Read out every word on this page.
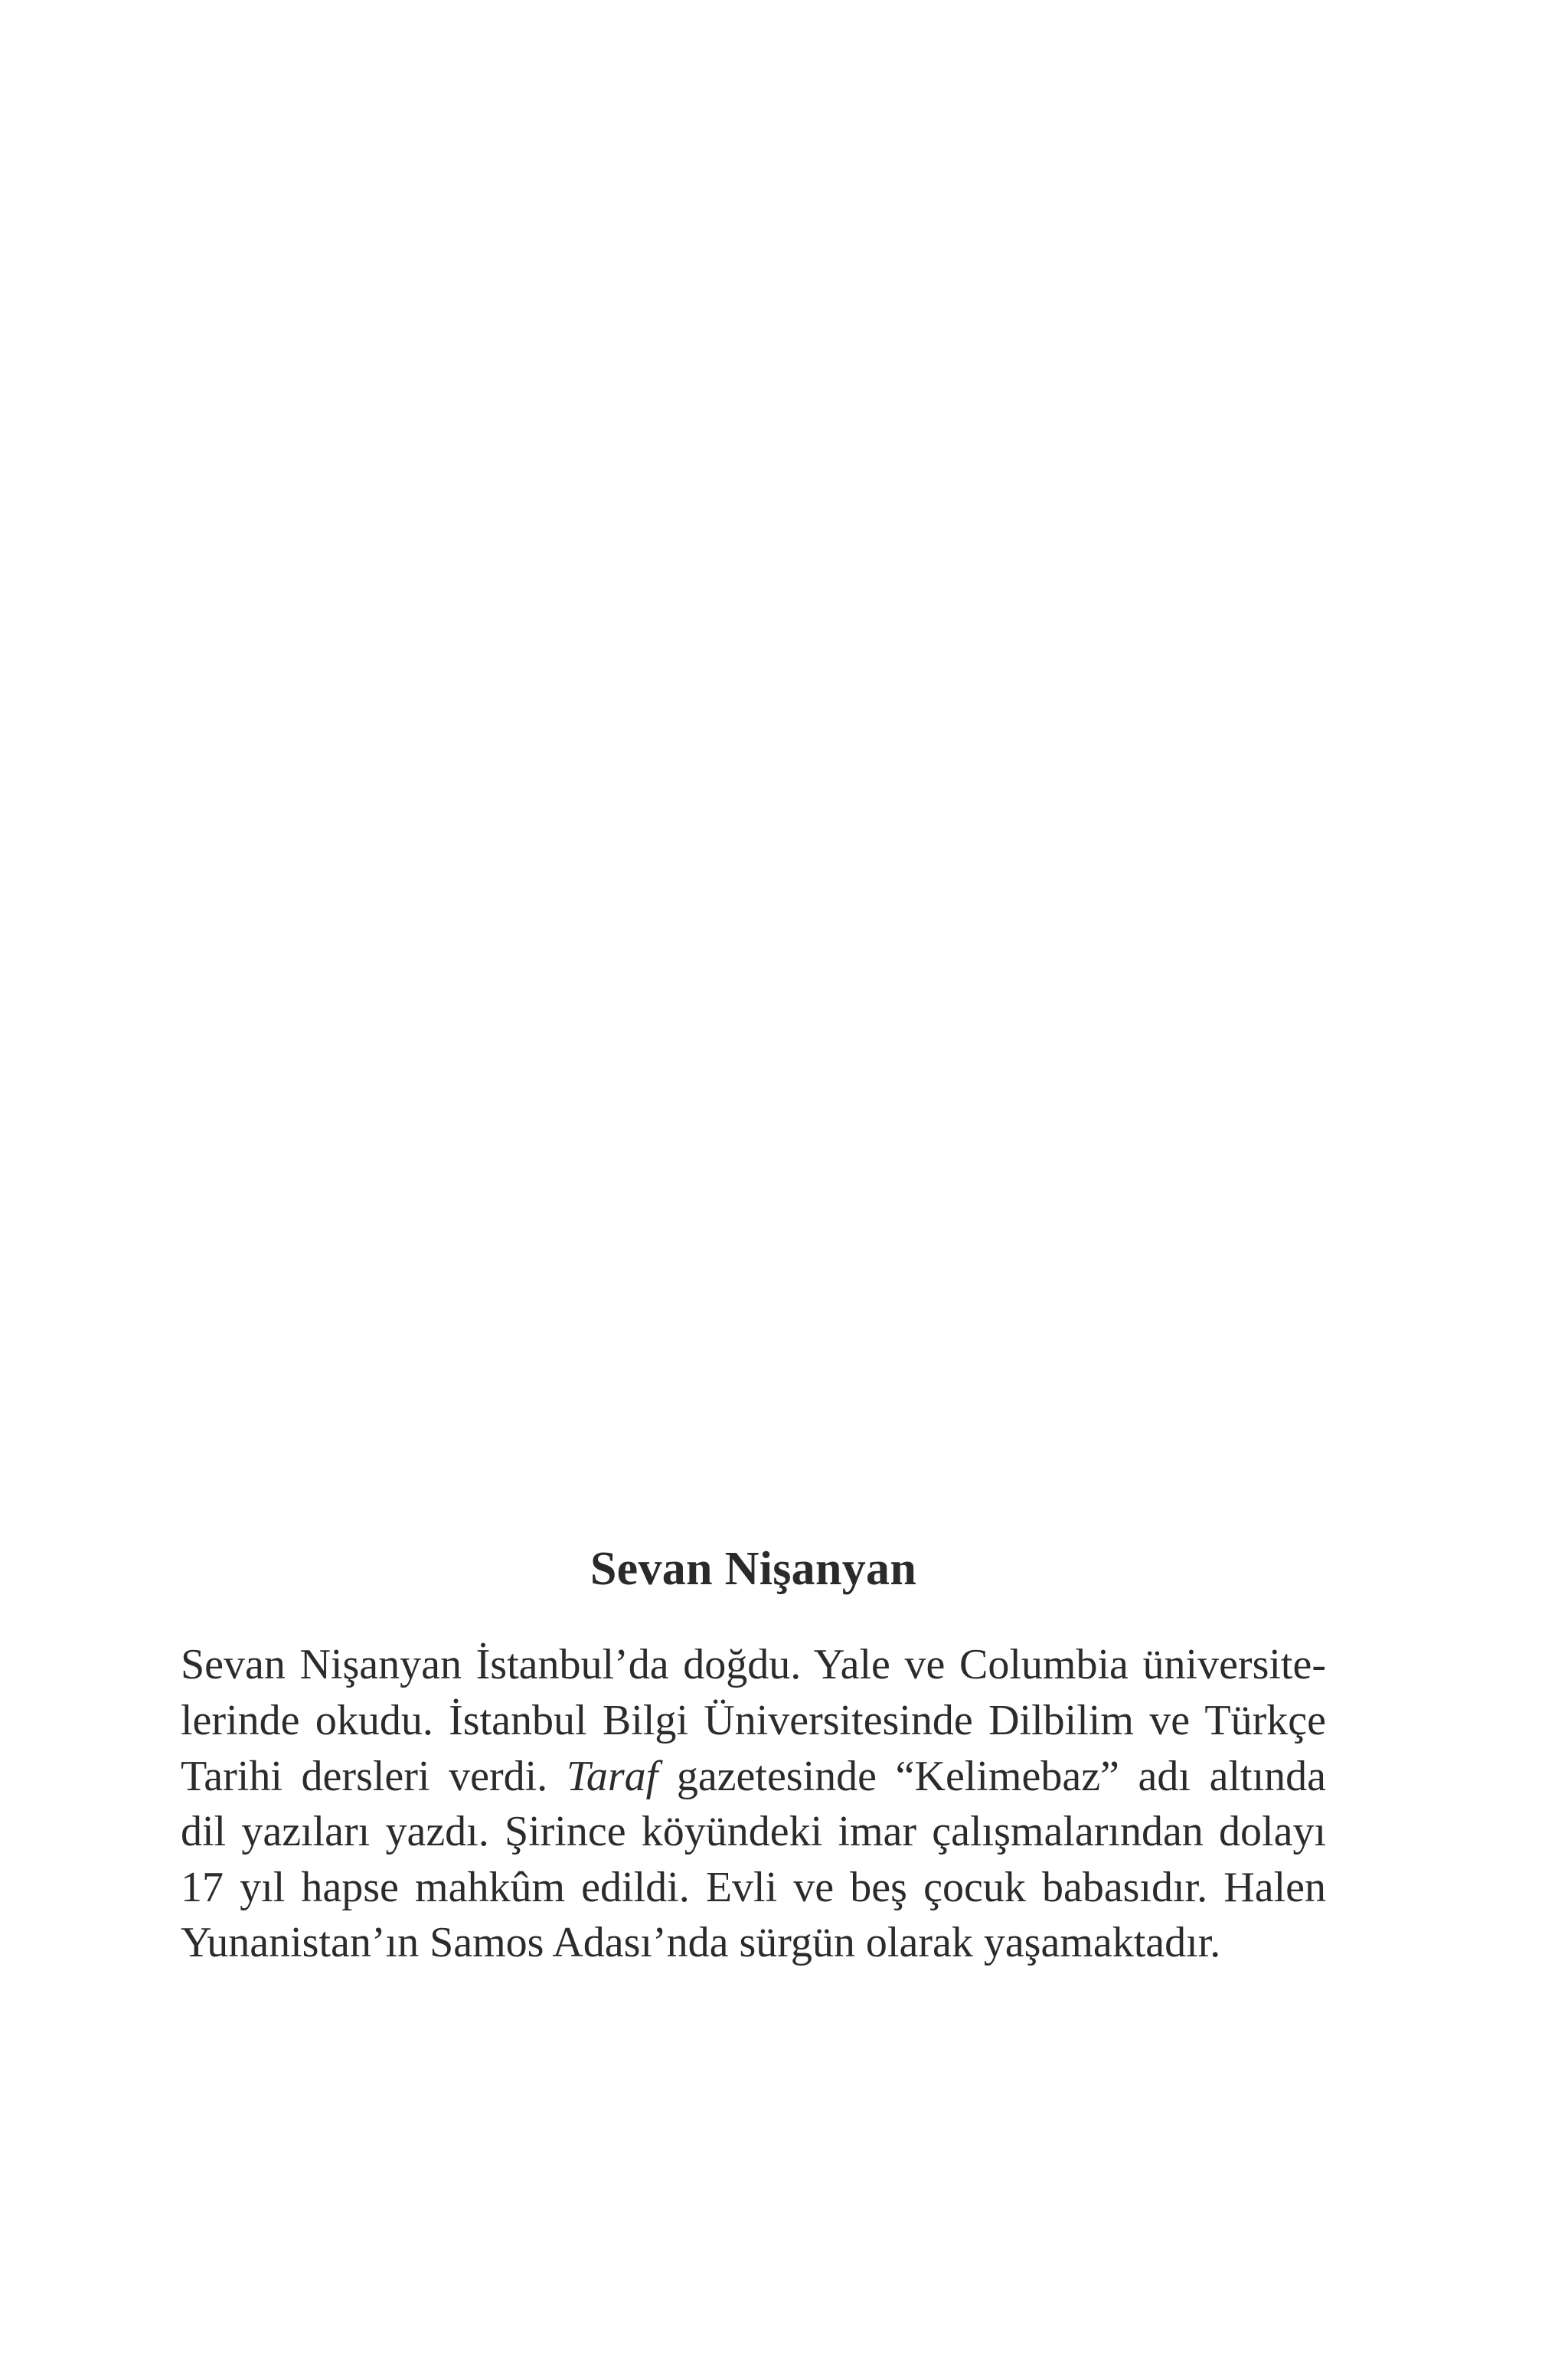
Sevan Nişanyan
Sevan Nişanyan İstanbul’da doğdu. Yale ve Columbia üniversite-
lerinde okudu. İstanbul Bilgi Üniversitesinde Dilbilim ve Türkçe
Tarihi dersleri verdi. Taraf gazetesinde “Kelimebaz” adı altında
dil yazıları yazdı. Şirince köyündeki imar çalışmalarından dolayı
17 yıl hapse mahkûm edildi. Evli ve beş çocuk babasıdır. Halen
Yunanistan’ın Samos Adası’nda sürgün olarak yaşamaktadır.
